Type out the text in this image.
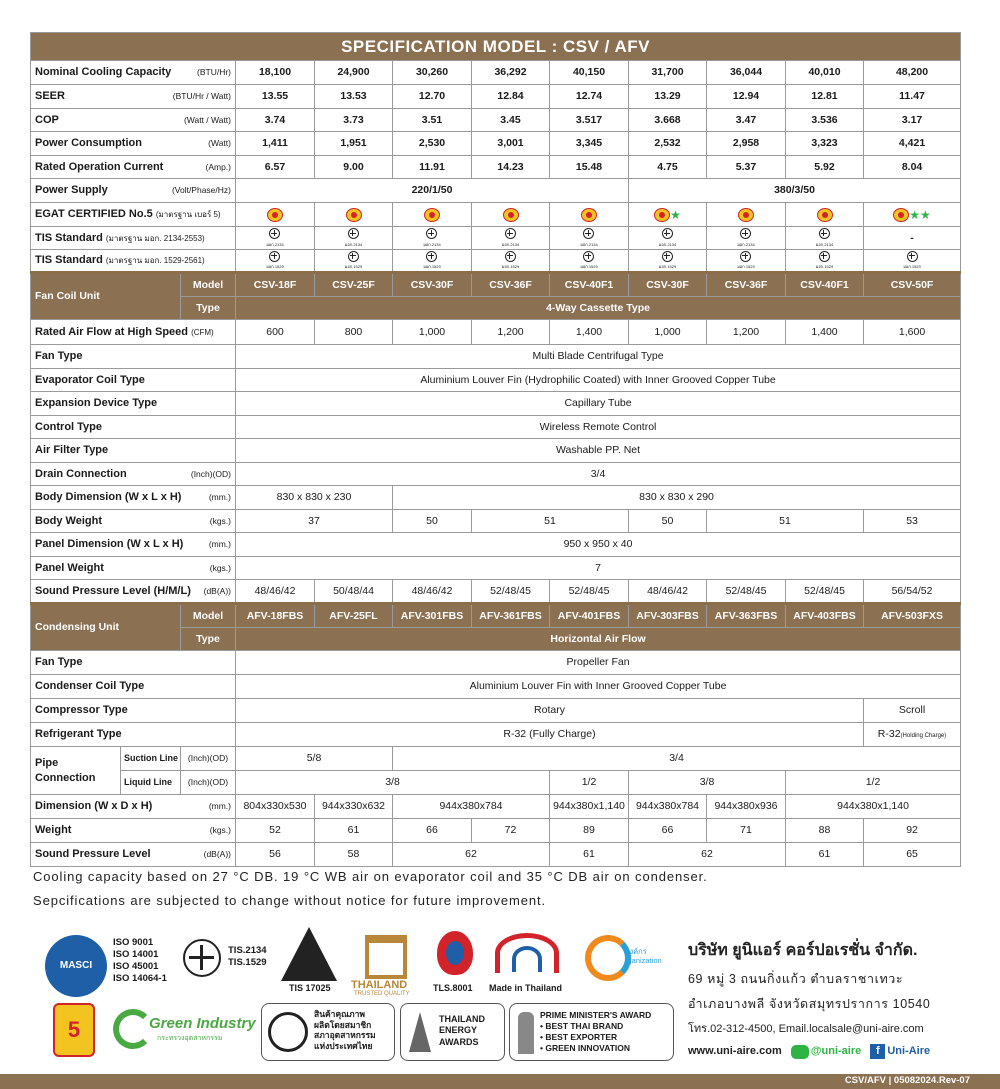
SPECIFICATION MODEL : CSV / AFV											
Nominal Cooling Capacity (BTU/Hr)			18,100	24,900	30,260	36,292	40,150	31,700	36,044	40,010	48,200
SEER (BTU/Hr / Watt)			13.55	13.53	12.70	12.84	12.74	13.29	12.94	12.81	11.47
COP (Watt / Watt)			3.74	3.73	3.51	3.45	3.517	3.668	3.47	3.536	3.17
Power Consumption (Watt)			1,411	1,951	2,530	3,001	3,345	2,532	2,958	3,323	4,421
Rated Operation Current (Amp.)			6.57	9.00	11.91	14.23	15.48	4.75	5.37	5.92	8.04
Power Supply (Volt/Phase/Hz)			220/1/50					380/3/50			
EGAT CERTIFIED No.5 (มาตรฐาน เบอร์ 5)								★			★★
TIS Standard (มาตรฐาน มอก. 2134-2553)			มอก.2134	มอก.2134	มอก.2134	มอก.2134	มอก.2134	มอก.2134	มอก.2134	มอก.2134	-
TIS Standard (มาตรฐาน มอก. 1529-2561)			มอก.1529	มอก.1529	มอก.1529	มอก.1529	มอก.1529	มอก.1529	มอก.1529	มอก.1529	มอก.1529

Fan Coil Unit		Model	CSV-18F	CSV-25F	CSV-30F	CSV-36F	CSV-40F1	CSV-30F	CSV-36F	CSV-40F1	CSV-50F
		Type	4-Way Cassette Type								
Rated Air Flow at High Speed (CFM)			600	800	1,000	1,200	1,400	1,000	1,200	1,400	1,600
Fan Type			Multi Blade Centrifugal Type								
Evaporator Coil Type			Aluminium Louver Fin (Hydrophilic Coated) with Inner Grooved Copper Tube								
Expansion Device Type			Capillary Tube								
Control Type			Wireless Remote Control								
Air Filter Type			Washable PP. Net								
Drain Connection (Inch)(OD)			3/4								
Body Dimension (W x L x H) (mm.)			830 x 830 x 230		830 x 830 x 290						
Body Weight (kgs.)			37		50	51		50	51		53
Panel Dimension (W x L x H) (mm.)			950 x 950 x 40								
Panel Weight (kgs.)			7								
Sound Pressure Level (H/M/L) (dB(A))			48/46/42	50/48/44	48/46/42	52/48/45	52/48/45	48/46/42	52/48/45	52/48/45	56/54/52
Condensing Unit		Model	AFV-18FBS	AFV-25FL	AFV-301FBS	AFV-361FBS	AFV-401FBS	AFV-303FBS	AFV-363FBS	AFV-403FBS	AFV-503FXS
		Type	Horizontal Air Flow								
Fan Type			Propeller Fan								
Condenser Coil Type			Aluminium Louver Fin with Inner Grooved Copper Tube								
Compressor Type			Rotary								Scroll
Refrigerant Type			R-32 (Fully Charge)								R-32(Holding Charge)
Pipe Connection	Suction Line	(Inch)(OD)	5/8		3/4						
	Liquid Line	(Inch)(OD)	3/8				1/2	3/8		1/2	
Dimension (W x D x H) (mm.)			804x330x530	944x330x632	944x380x784		944x380x1,140	944x380x784	944x380x936	944x380x1,140	
Weight (kgs.)			52	61	66	72	89	66	71	88	92
Sound Pressure Level (dB(A))			56	58	62		61	62		61	65
Cooling capacity based on 27 °C DB. 19 °C WB air on evaporator coil and 35 °C DB air on condenser.
Sepcifications are subjected to change without notice for future improvement.
MASCI
ISO 9001
ISO 14001
ISO 45001
ISO 14064-1
TIS.2134
TIS.1529
TIS 17025 THAILAND
TRUSTED QUALITY
TLS.8001 Made in Thailand
องค์กร
rganization
5	Green Industry
กระทรวงอุตสาหกรรม
สินค้าคุณภาพ
ผลิตโดยสมาชิก
สภาอุตสาหกรรม
แห่งประเทศไทย
THAILAND
ENERGY
AWARDS
PRIME MINISTER'S AWARD
• BEST THAI BRAND
• BEST EXPORTER
• GREEN INNOVATION
บริษัท ยูนิแอร์ คอร์ปอเรชั่น จำกัด.
69 หมู่ 3 ถนนกิ่งแก้ว ตำบลราชาเทวะ
อำเภอบางพลี จังหวัดสมุทรปราการ 10540
โทร.02-312-4500, Email.localsale@uni-aire.com
www.uni-aire.com	@uni-aire f Uni-Aire
CSV/AFV | 05082024.Rev-07
